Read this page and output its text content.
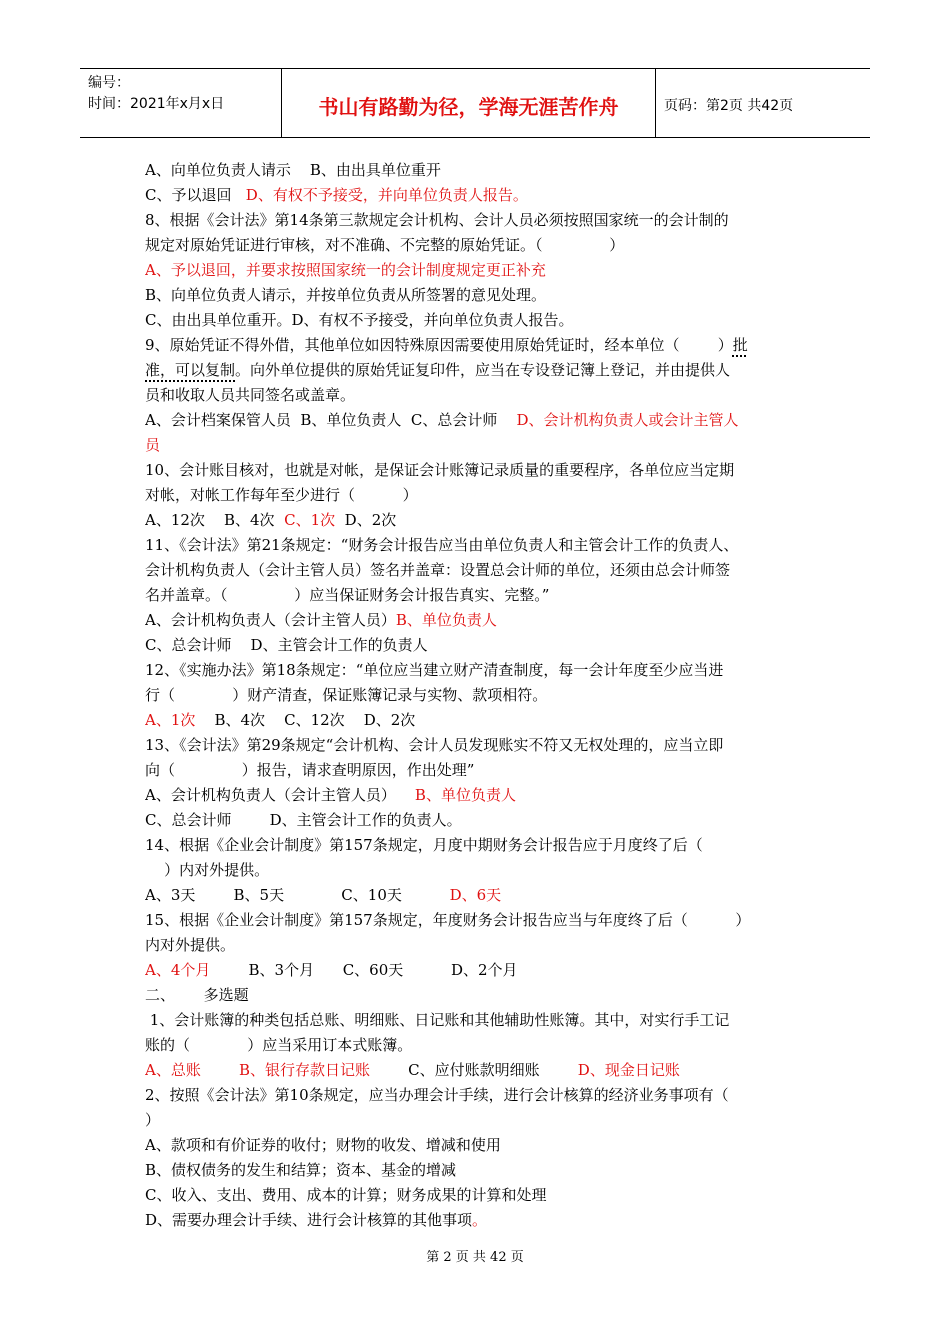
编号：
时间：2021年x月x日	书山有路勤为径，学海无涯苦作舟	页码：第2页 共42页
A、向单位负责人请示    B、由出具单位重开
C、予以退回   D、有权不予接受，并向单位负责人报告。
8、根据《会计法》第14条第三款规定会计机构、会计人员必须按照国家统一的会计制的
规定对原始凭证进行审核，对不准确、不完整的原始凭证。（              ）
A、予以退回，并要求按照国家统一的会计制度规定更正补充
B、向单位负责人请示，并按单位负责从所签署的意见处理。
C、由出具单位重开。D、有权不予接受，并向单位负责人报告。
9、原始凭证不得外借，其他单位如因特殊原因需要使用原始凭证时，经本单位（        ）批
准，可以复制。向外单位提供的原始凭证复印件，应当在专设登记簿上登记，并由提供人
员和收取人员共同签名或盖章。
A、会计档案保管人员  B、单位负责人  C、总会计师    D、会计机构负责人或会计主管人
员
10、会计账目核对，也就是对帐，是保证会计账簿记录质量的重要程序，各单位应当定期
对帐，对帐工作每年至少进行（          ）
A、12次    B、4次  C、1次  D、2次
11、《会计法》第21条规定：“财务会计报告应当由单位负责人和主管会计工作的负责人、
会计机构负责人（会计主管人员）签名并盖章：设置总会计师的单位，还须由总会计师签
名并盖章。（              ）应当保证财务会计报告真实、完整。”
A、会计机构负责人（会计主管人员）B、单位负责人
C、总会计师    D、主管会计工作的负责人
12、《实施办法》第18条规定：“单位应当建立财产清查制度，每一会计年度至少应当进
行（            ）财产清查，保证账簿记录与实物、款项相符。
A、1次    B、4次    C、12次    D、2次
13、《会计法》第29条规定“会计机构、会计人员发现账实不符又无权处理的，应当立即
向（              ）报告，请求查明原因，作出处理”
A、会计机构负责人（会计主管人员）    B、单位负责人
C、总会计师        D、主管会计工作的负责人。
14、根据《企业会计制度》第157条规定，月度中期财务会计报告应于月度终了后（
）内对外提供。
A、3天        B、5天            C、10天          D、6天
15、根据《企业会计制度》第157条规定，年度财务会计报告应当与年度终了后（          ）
内对外提供。
A、4个月        B、3个月      C、60天          D、2个月
二、      多选题
1、会计账簿的种类包括总账、明细账、日记账和其他辅助性账簿。其中，对实行手工记
账的（            ）应当采用订本式账簿。
A、总账        B、银行存款日记账        C、应付账款明细账        D、现金日记账
2、按照《会计法》第10条规定，应当办理会计手续，进行会计核算的经济业务事项有（
）
A、款项和有价证券的收付；财物的收发、增减和使用
B、债权债务的发生和结算；资本、基金的增减
C、收入、支出、费用、成本的计算；财务成果的计算和处理
D、需要办理会计手续、进行会计核算的其他事项。
第 2 页 共 42 页
